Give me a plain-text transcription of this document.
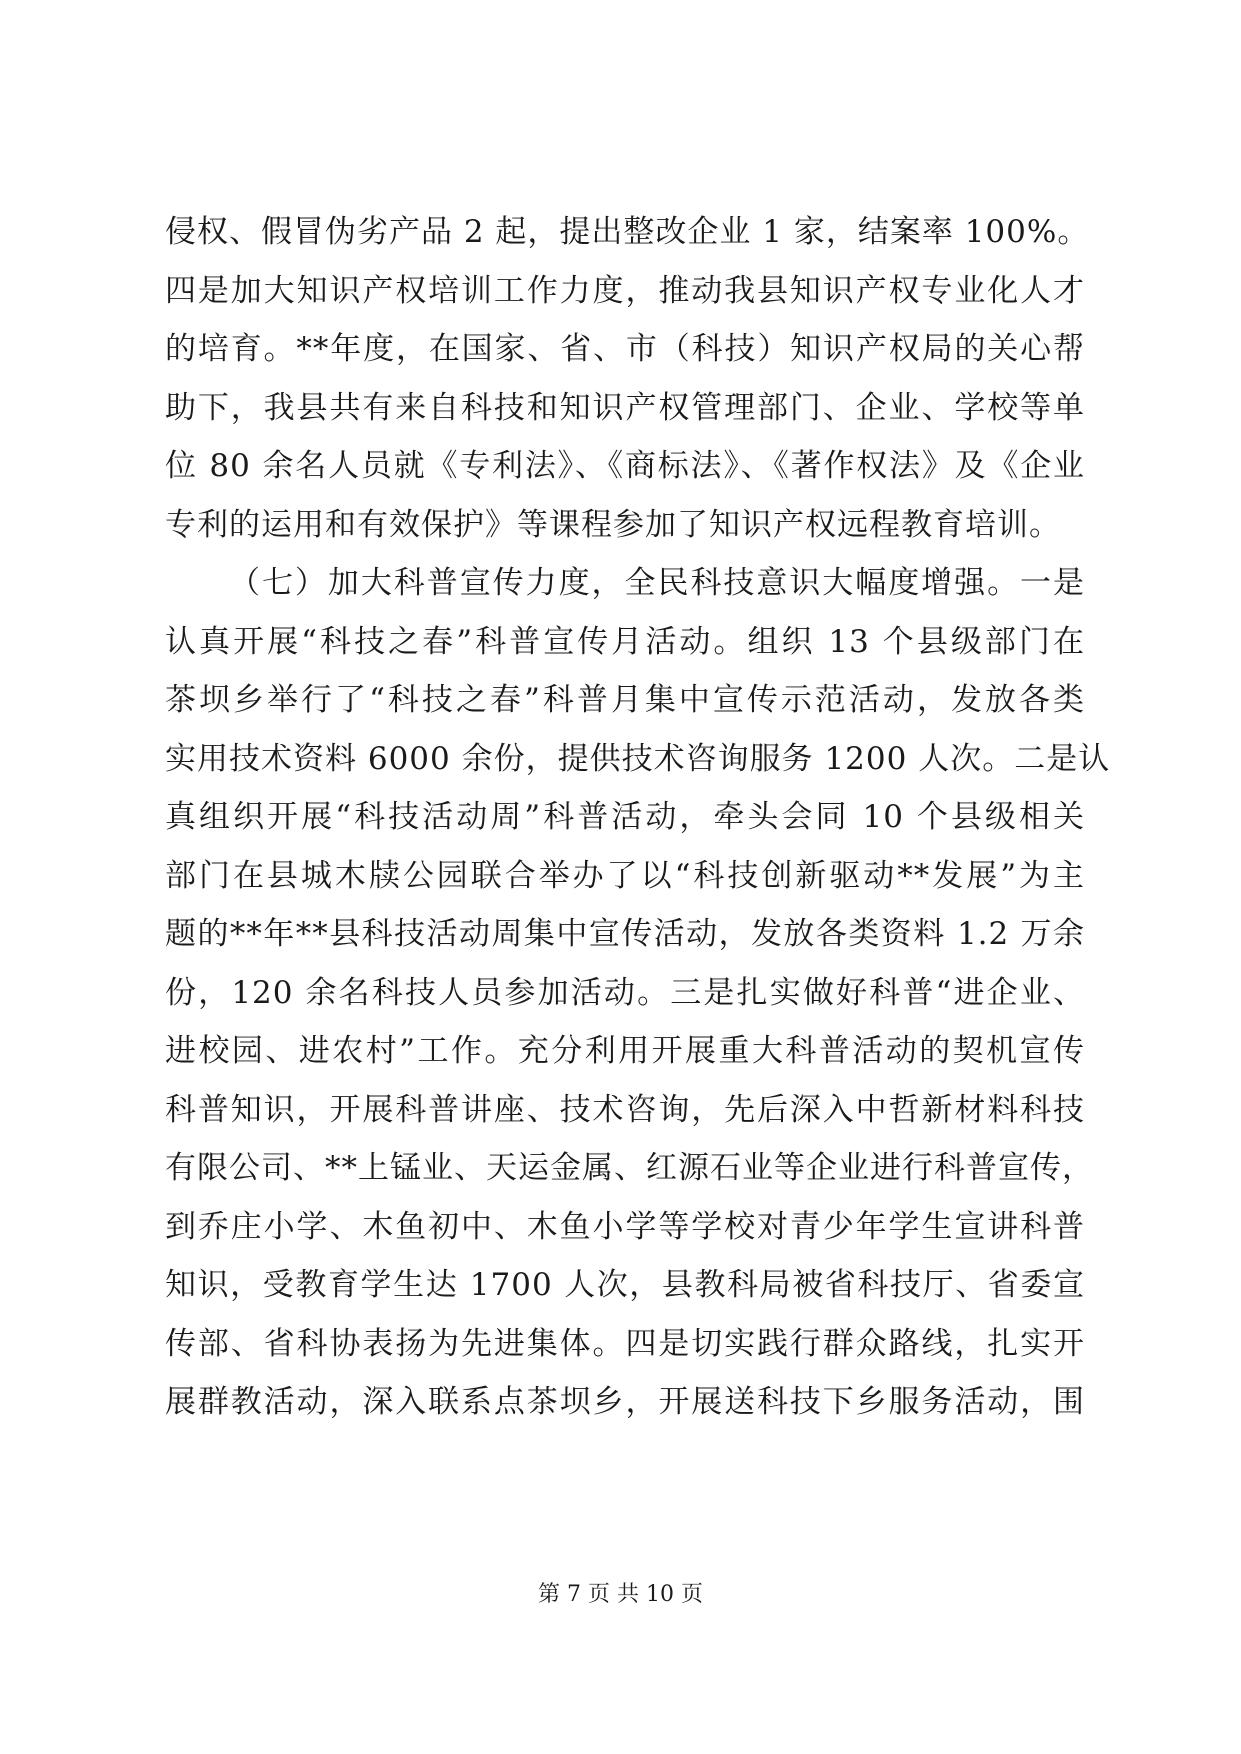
侵权、假冒伪劣产品 2 起，提出整改企业 1 家，结案率 100%。
四是加大知识产权培训工作力度，推动我县知识产权专业化人才
的培育。**年度，在国家、省、市（科技）知识产权局的关心帮
助下，我县共有来自科技和知识产权管理部门、企业、学校等单
位 80 余名人员就《专利法》、《商标法》、《著作权法》及《企业
专利的运用和有效保护》等课程参加了知识产权远程教育培训。
（七）加大科普宣传力度，全民科技意识大幅度增强。一是
认真开展“科技之春”科普宣传月活动。组织 13 个县级部门在
茶坝乡举行了“科技之春”科普月集中宣传示范活动，发放各类
实用技术资料 6000 余份，提供技术咨询服务 1200 人次。二是认
真组织开展“科技活动周”科普活动，牵头会同 10 个县级相关
部门在县城木牍公园联合举办了以“科技创新驱动**发展”为主
题的**年**县科技活动周集中宣传活动，发放各类资料 1.2 万余
份，120 余名科技人员参加活动。三是扎实做好科普“进企业、
进校园、进农村”工作。充分利用开展重大科普活动的契机宣传
科普知识，开展科普讲座、技术咨询，先后深入中哲新材料科技
有限公司、**上锰业、天运金属、红源石业等企业进行科普宣传，
到乔庄小学、木鱼初中、木鱼小学等学校对青少年学生宣讲科普
知识，受教育学生达 1700 人次，县教科局被省科技厅、省委宣
传部、省科协表扬为先进集体。四是切实践行群众路线，扎实开
展群教活动，深入联系点茶坝乡，开展送科技下乡服务活动，围
第 7 页 共 10 页
